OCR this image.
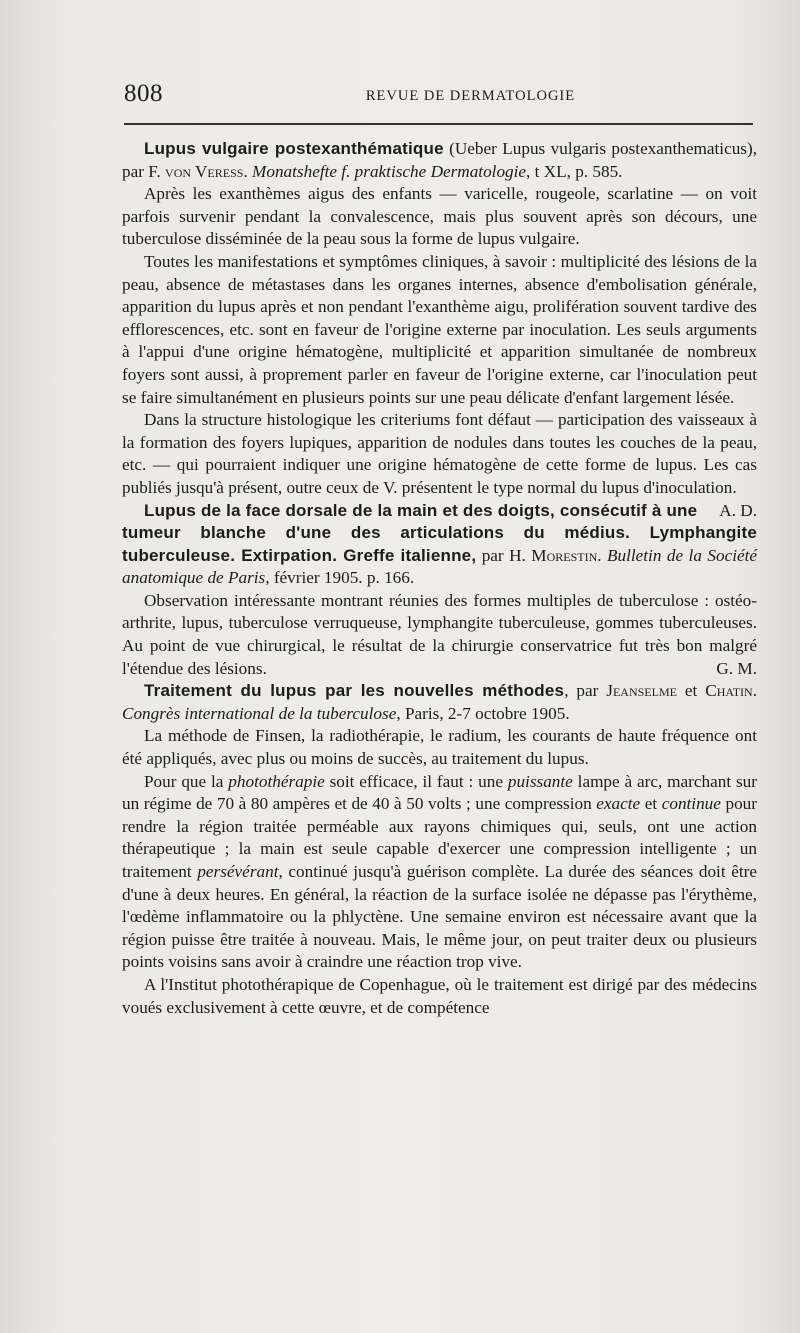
808	REVUE DE DERMATOLOGIE

Lupus vulgaire postexanthématique (Ueber Lupus vulgaris postexanthematicus), par F. von Veress. Monatshefte f. praktische Dermatologie, t XL, p. 585.

Après les exanthèmes aigus des enfants — varicelle, rougeole, scarlatine — on voit parfois survenir pendant la convalescence, mais plus souvent après son décours, une tuberculose disséminée de la peau sous la forme de lupus vulgaire.

Toutes les manifestations et symptômes cliniques, à savoir : multiplicité des lésions de la peau, absence de métastases dans les organes internes, absence d'embolisation générale, apparition du lupus après et non pendant l'exanthème aigu, prolifération souvent tardive des efflorescences, etc. sont en faveur de l'origine externe par inoculation. Les seuls arguments à l'appui d'une origine hématogène, multiplicité et apparition simultanée de nombreux foyers sont aussi, à proprement parler en faveur de l'origine externe, car l'inoculation peut se faire simultanément en plusieurs points sur une peau délicate d'enfant largement lésée.

Dans la structure histologique les criteriums font défaut — participation des vaisseaux à la formation des foyers lupiques, apparition de nodules dans toutes les couches de la peau, etc. — qui pourraient indiquer une origine hématogène de cette forme de lupus. Les cas publiés jusqu'à présent, outre ceux de V. présentent le type normal du lupus d'inoculation.
A. D.

Lupus de la face dorsale de la main et des doigts, consécutif à une tumeur blanche d'une des articulations du médius. Lymphangite tuberculeuse. Extirpation. Greffe italienne, par H. Morestin. Bulletin de la Société anatomique de Paris, février 1905. p. 166.

Observation intéressante montrant réunies des formes multiples de tuberculose : ostéo-arthrite, lupus, tuberculose verruqueuse, lymphangite tuberculeuse, gommes tuberculeuses. Au point de vue chirurgical, le résultat de la chirurgie conservatrice fut très bon malgré l'étendue des lésions.	G. M.

Traitement du lupus par les nouvelles méthodes, par Jeanselme et Chatin. Congrès international de la tuberculose, Paris, 2-7 octobre 1905.

La méthode de Finsen, la radiothérapie, le radium, les courants de haute fréquence ont été appliqués, avec plus ou moins de succès, au traitement du lupus.

Pour que la photothérapie soit efficace, il faut : une puissante lampe à arc, marchant sur un régime de 70 à 80 ampères et de 40 à 50 volts ; une compression exacte et continue pour rendre la région traitée perméable aux rayons chimiques qui, seuls, ont une action thérapeutique ; la main est seule capable d'exercer une compression intelligente ; un traitement persévérant, continué jusqu'à guérison complète. La durée des séances doit être d'une à deux heures. En général, la réaction de la surface isolée ne dépasse pas l'érythème, l'œdème inflammatoire ou la phlyctène. Une semaine environ est nécessaire avant que la région puisse être traitée à nouveau. Mais, le même jour, on peut traiter deux ou plusieurs points voisins sans avoir à craindre une réaction trop vive.

A l'Institut photothérapique de Copenhague, où le traitement est dirigé par des médecins voués exclusivement à cette œuvre, et de compétence
